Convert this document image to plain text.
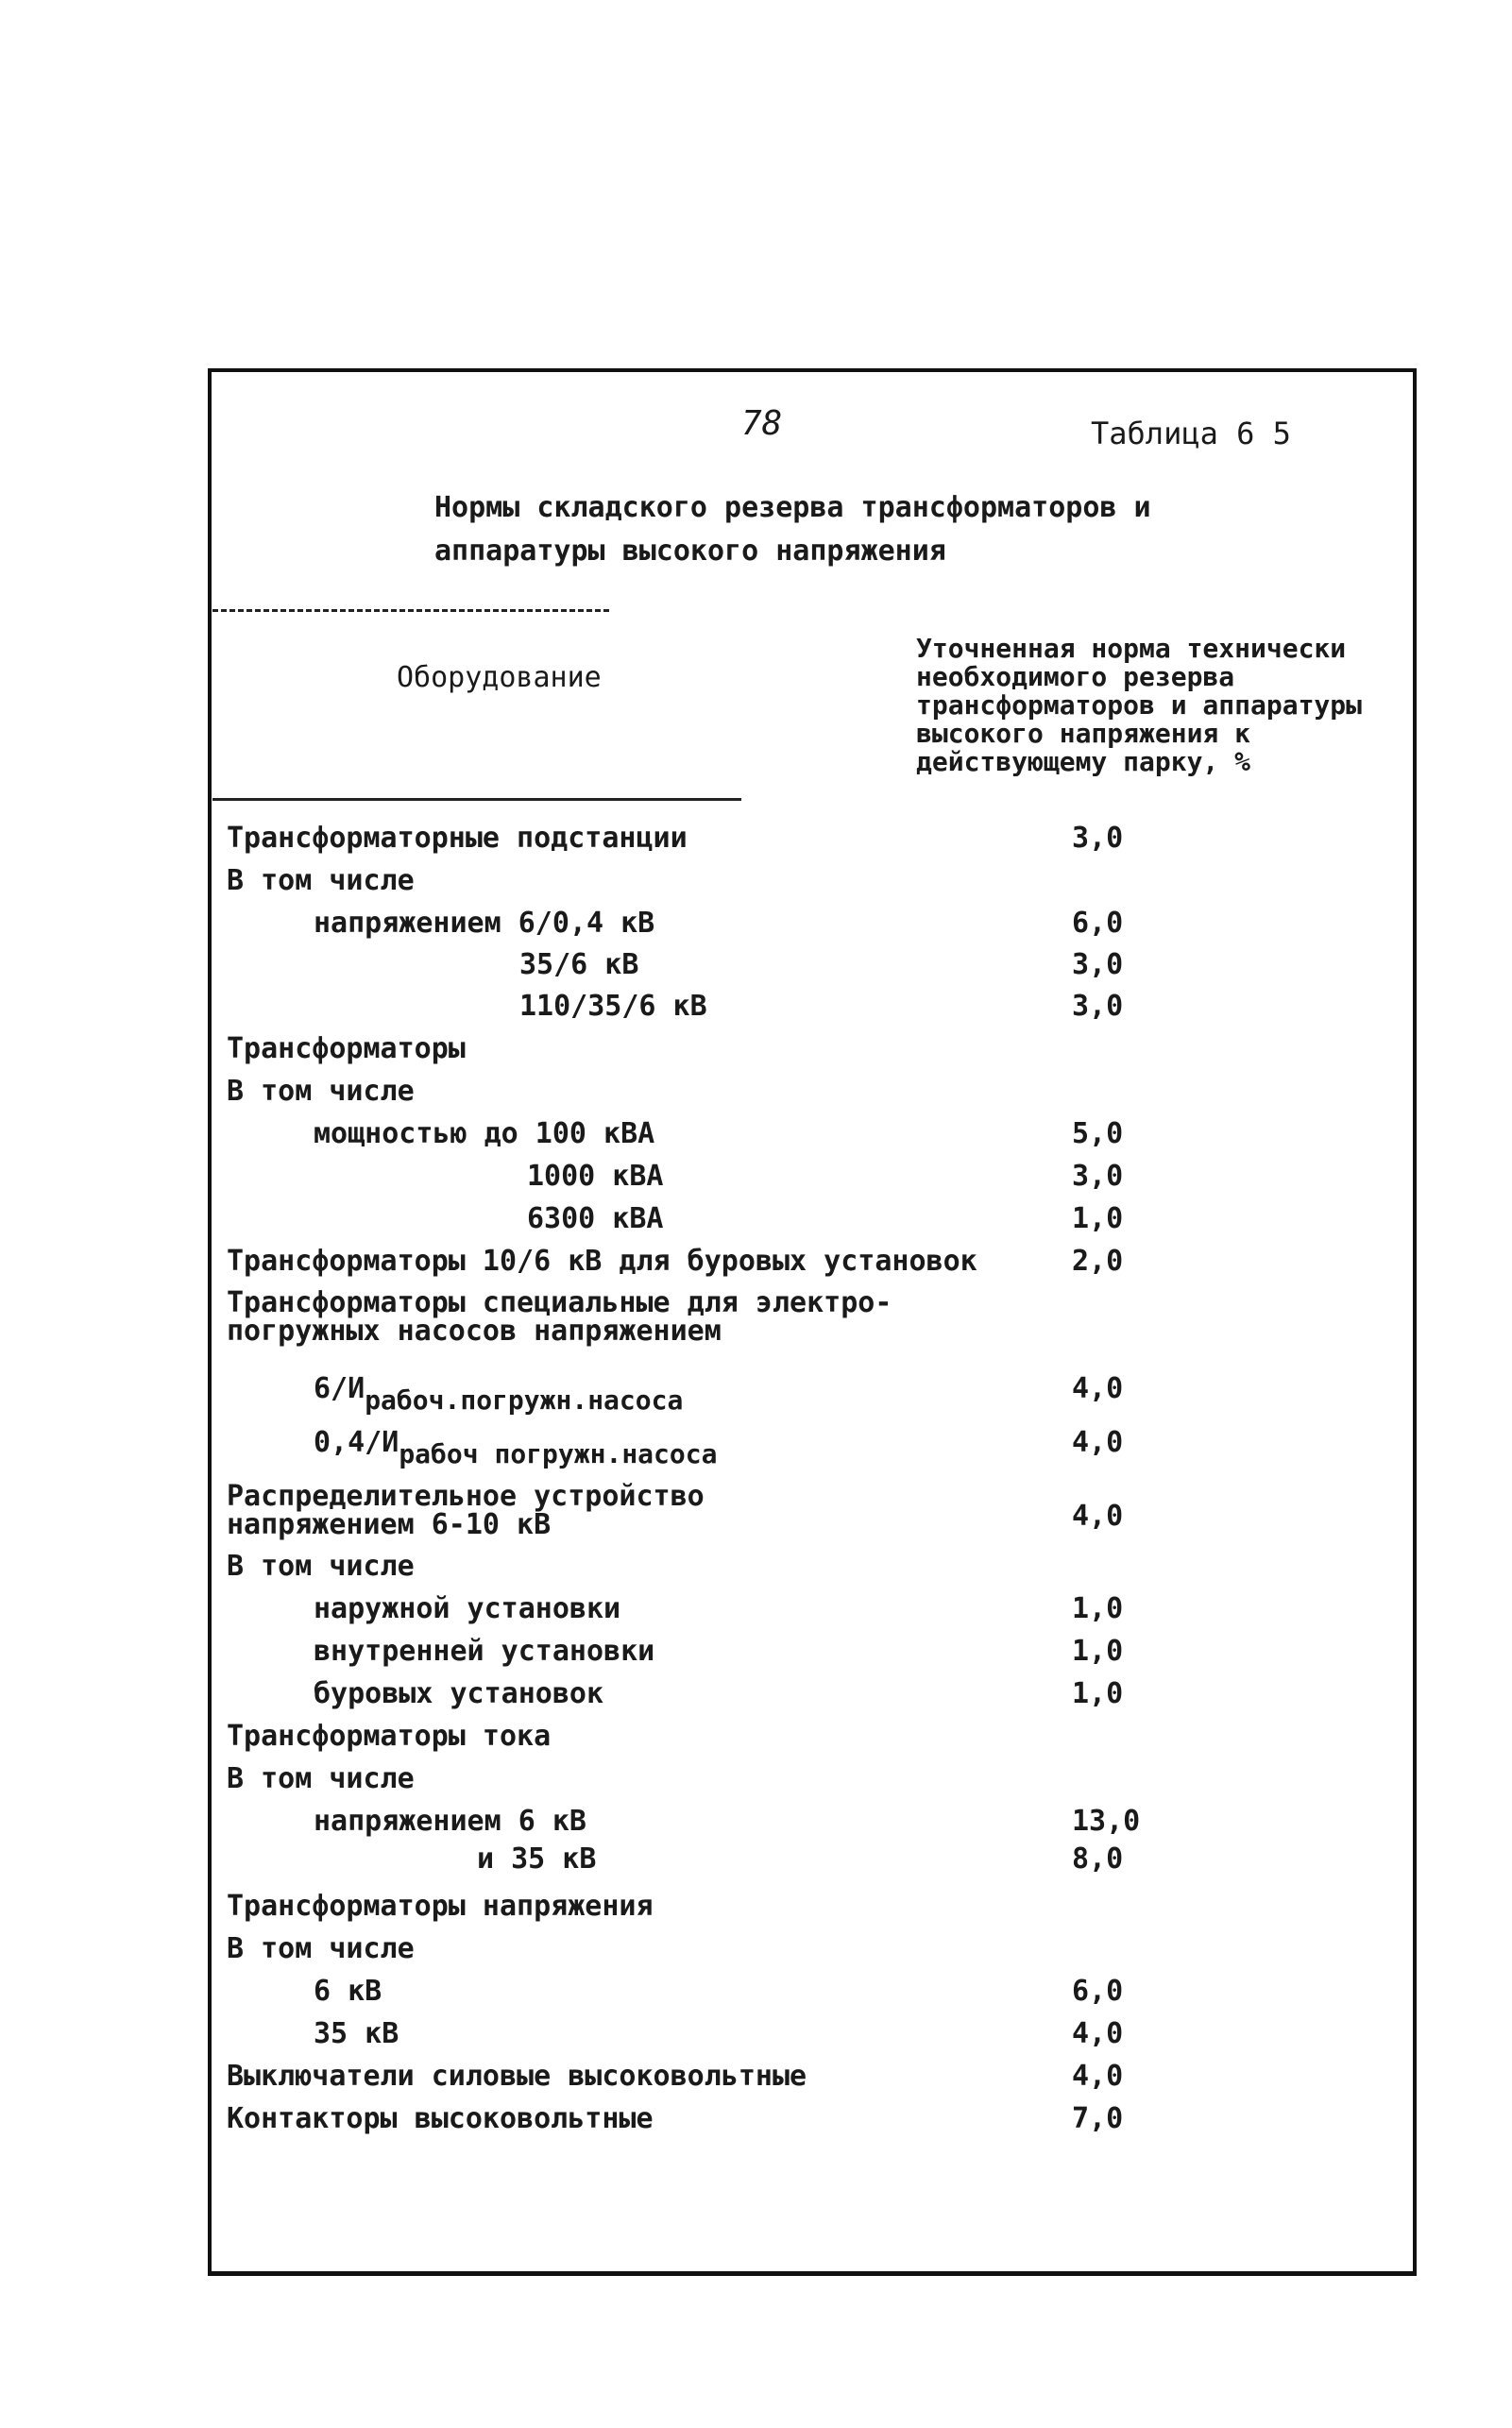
78	Таблица 6 5
Нормы складского резерва трансформаторов и
аппаратуры высокого напряжения
Оборудование
Уточненная норма технически необходимого резерва трансформаторов и аппаратуры высокого напряжения к действующему парку, %
Трансформаторные подстанции	3,0
В том числе
напряжением 6/0,4 кВ	6,0
35/6 кВ	3,0
110/35/6 кВ	3,0
Трансформаторы
В том числе
мощностью до 100 кВА	5,0
1000 кВА	3,0
6300 кВА	1,0
Трансформаторы 10/6 кВ для буровых установок	2,0
Трансформаторы специальные для электро-погружных насосов напряжением
$6/И_{рабоч.погружн.насоса}$	4,0
$0,4/И_{рабоч погружн.насоса}$	4,0
Распределительное устройство напряжением 6-10 кВ	4,0
В том числе
наружной установки	1,0
внутренней установки	1,0
буровых установок	1,0
Трансформаторы тока
В том числе
напряжением 6 кВ	13,0
и 35 кВ	8,0
Трансформаторы напряжения
В том числе
6 кВ	6,0
35 кВ	4,0
Выключатели силовые высоковольтные	4,0
Контакторы высоковольтные	7,0
